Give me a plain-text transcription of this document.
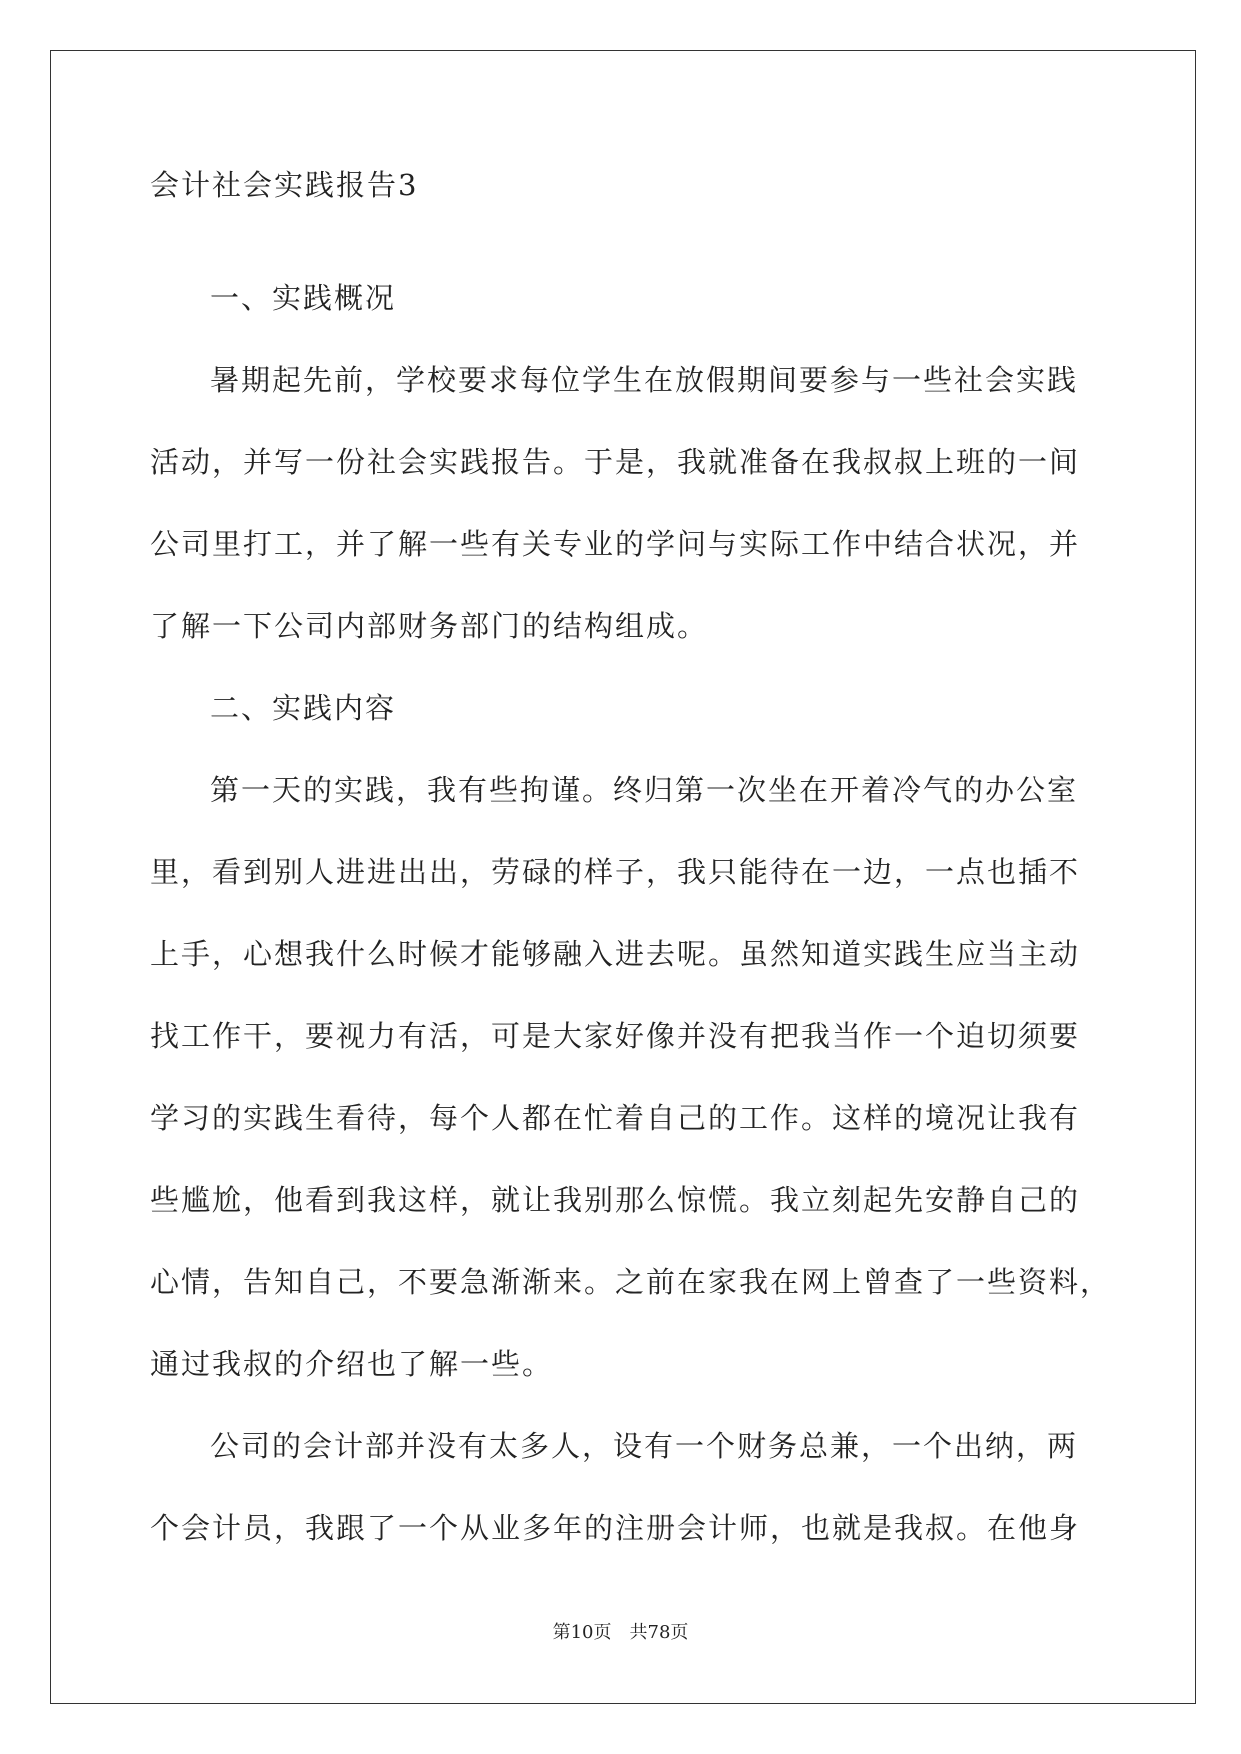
会计社会实践报告3
一、实践概况
暑期起先前，学校要求每位学生在放假期间要参与一些社会实践
活动，并写一份社会实践报告。于是，我就准备在我叔叔上班的一间
公司里打工，并了解一些有关专业的学问与实际工作中结合状况，并
了解一下公司内部财务部门的结构组成。
二、实践内容
第一天的实践，我有些拘谨。终归第一次坐在开着冷气的办公室
里，看到别人进进出出，劳碌的样子，我只能待在一边，一点也插不
上手，心想我什么时候才能够融入进去呢。虽然知道实践生应当主动
找工作干，要视力有活，可是大家好像并没有把我当作一个迫切须要
学习的实践生看待，每个人都在忙着自己的工作。这样的境况让我有
些尴尬，他看到我这样，就让我别那么惊慌。我立刻起先安静自己的
心情，告知自己，不要急渐渐来。之前在家我在网上曾查了一些资料，
通过我叔的介绍也了解一些。
公司的会计部并没有太多人，设有一个财务总兼，一个出纳，两
个会计员，我跟了一个从业多年的注册会计师，也就是我叔。在他身
第10页 共78页
